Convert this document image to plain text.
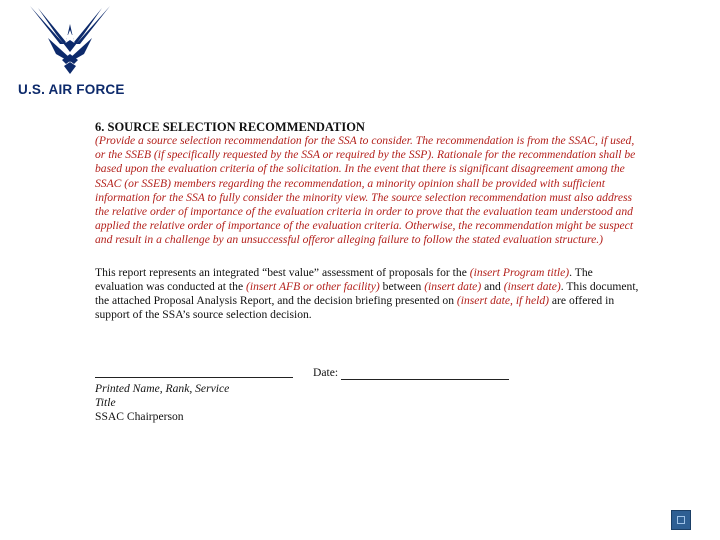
U.S. AIR FORCE

6. SOURCE SELECTION RECOMMENDATION

(Provide a source selection recommendation for the SSA to consider. The recommendation is from the SSAC, if used, or the SSEB (if specifically requested by the SSA or required by the SSP). Rationale for the recommendation shall be based upon the evaluation criteria of the solicitation. In the event that there is significant disagreement among the SSAC (or SSEB) members regarding the recommendation, a minority opinion shall be provided with sufficient information for the SSA to fully consider the minority view. The source selection recommendation must also address the relative order of importance of the evaluation criteria in order to prove that the evaluation team understood and applied the relative order of importance of the evaluation criteria. Otherwise, the recommendation might be suspect and result in a challenge by an unsuccessful offeror alleging failure to follow the stated evaluation structure.)

This report represents an integrated “best value” assessment of proposals for the (insert Program title). The evaluation was conducted at the (insert AFB or other facility) between (insert date) and (insert date). This document, the attached Proposal Analysis Report, and the decision briefing presented on (insert date, if held) are offered in support of the SSA’s source selection decision.

Date:
Printed Name, Rank, Service
Title
SSAC Chairperson
